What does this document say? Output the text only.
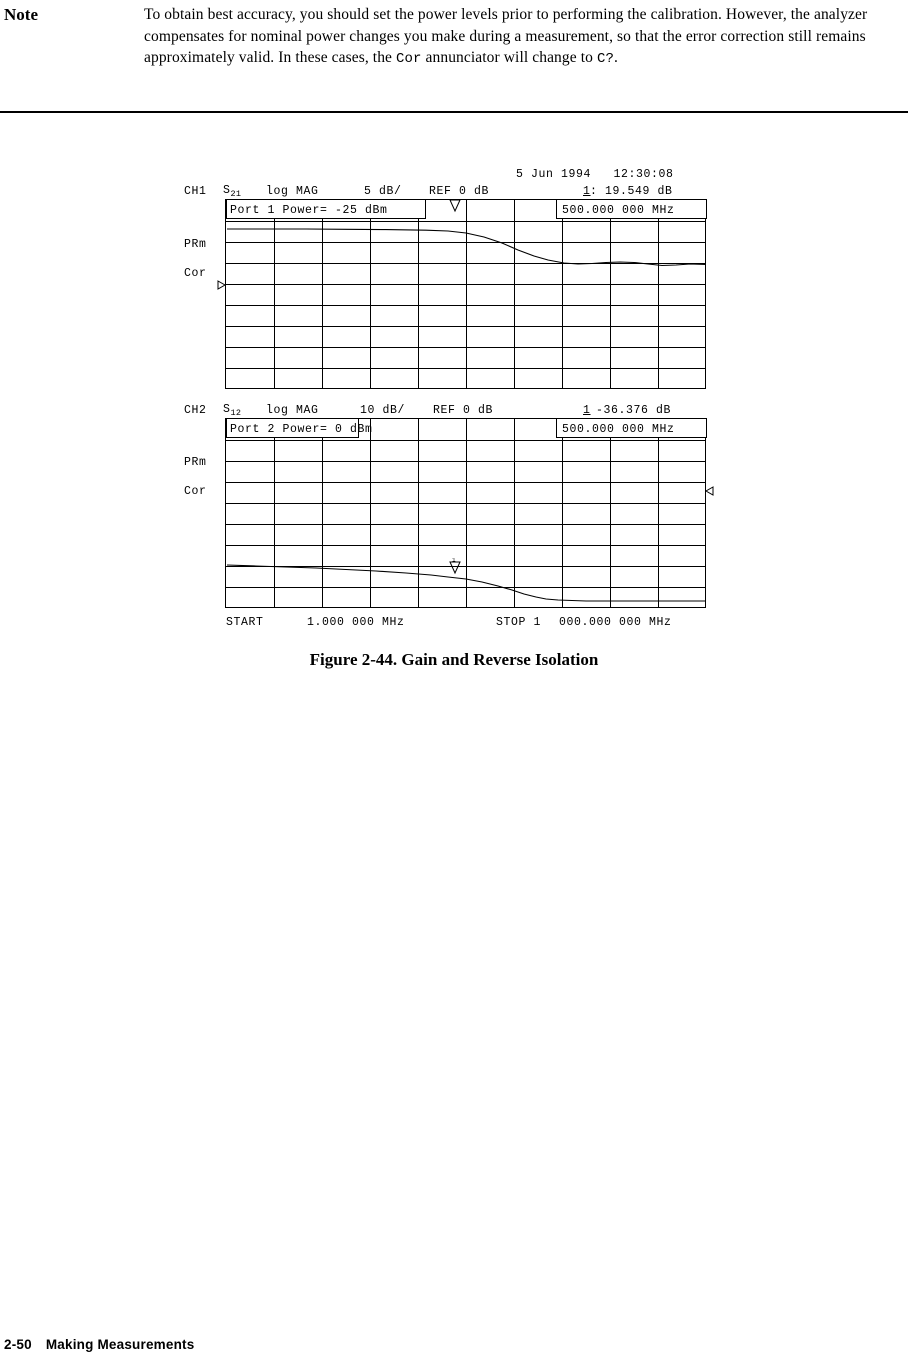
Note	To obtain best accuracy, you should set the power levels prior to performing the calibration. However, the analyzer compensates for nominal power changes you make during a measurement, so that the error correction still remains approximately valid. In these cases, the Cor annunciator will change to C?.
5 Jun 1994   12:30:08
CH1 $S_{21}$ log MAG	5 dB/ REF 0 dB	1 : 19.549 dB
PRm
Cor
Port 1 Power= -25 dBm	500.000 000 MHz
CH2 $S_{12}$ log MAG	10 dB/ REF 0 dB	1 -36.376 dB
PRm
Cor
Port 2 Power= 0 dBm	500.000 000 MHz
1
START	1.000 000 MHz	STOP 1 000.000 000 MHz
Figure 2-44. Gain and Reverse Isolation
2-50 Making Measurements
